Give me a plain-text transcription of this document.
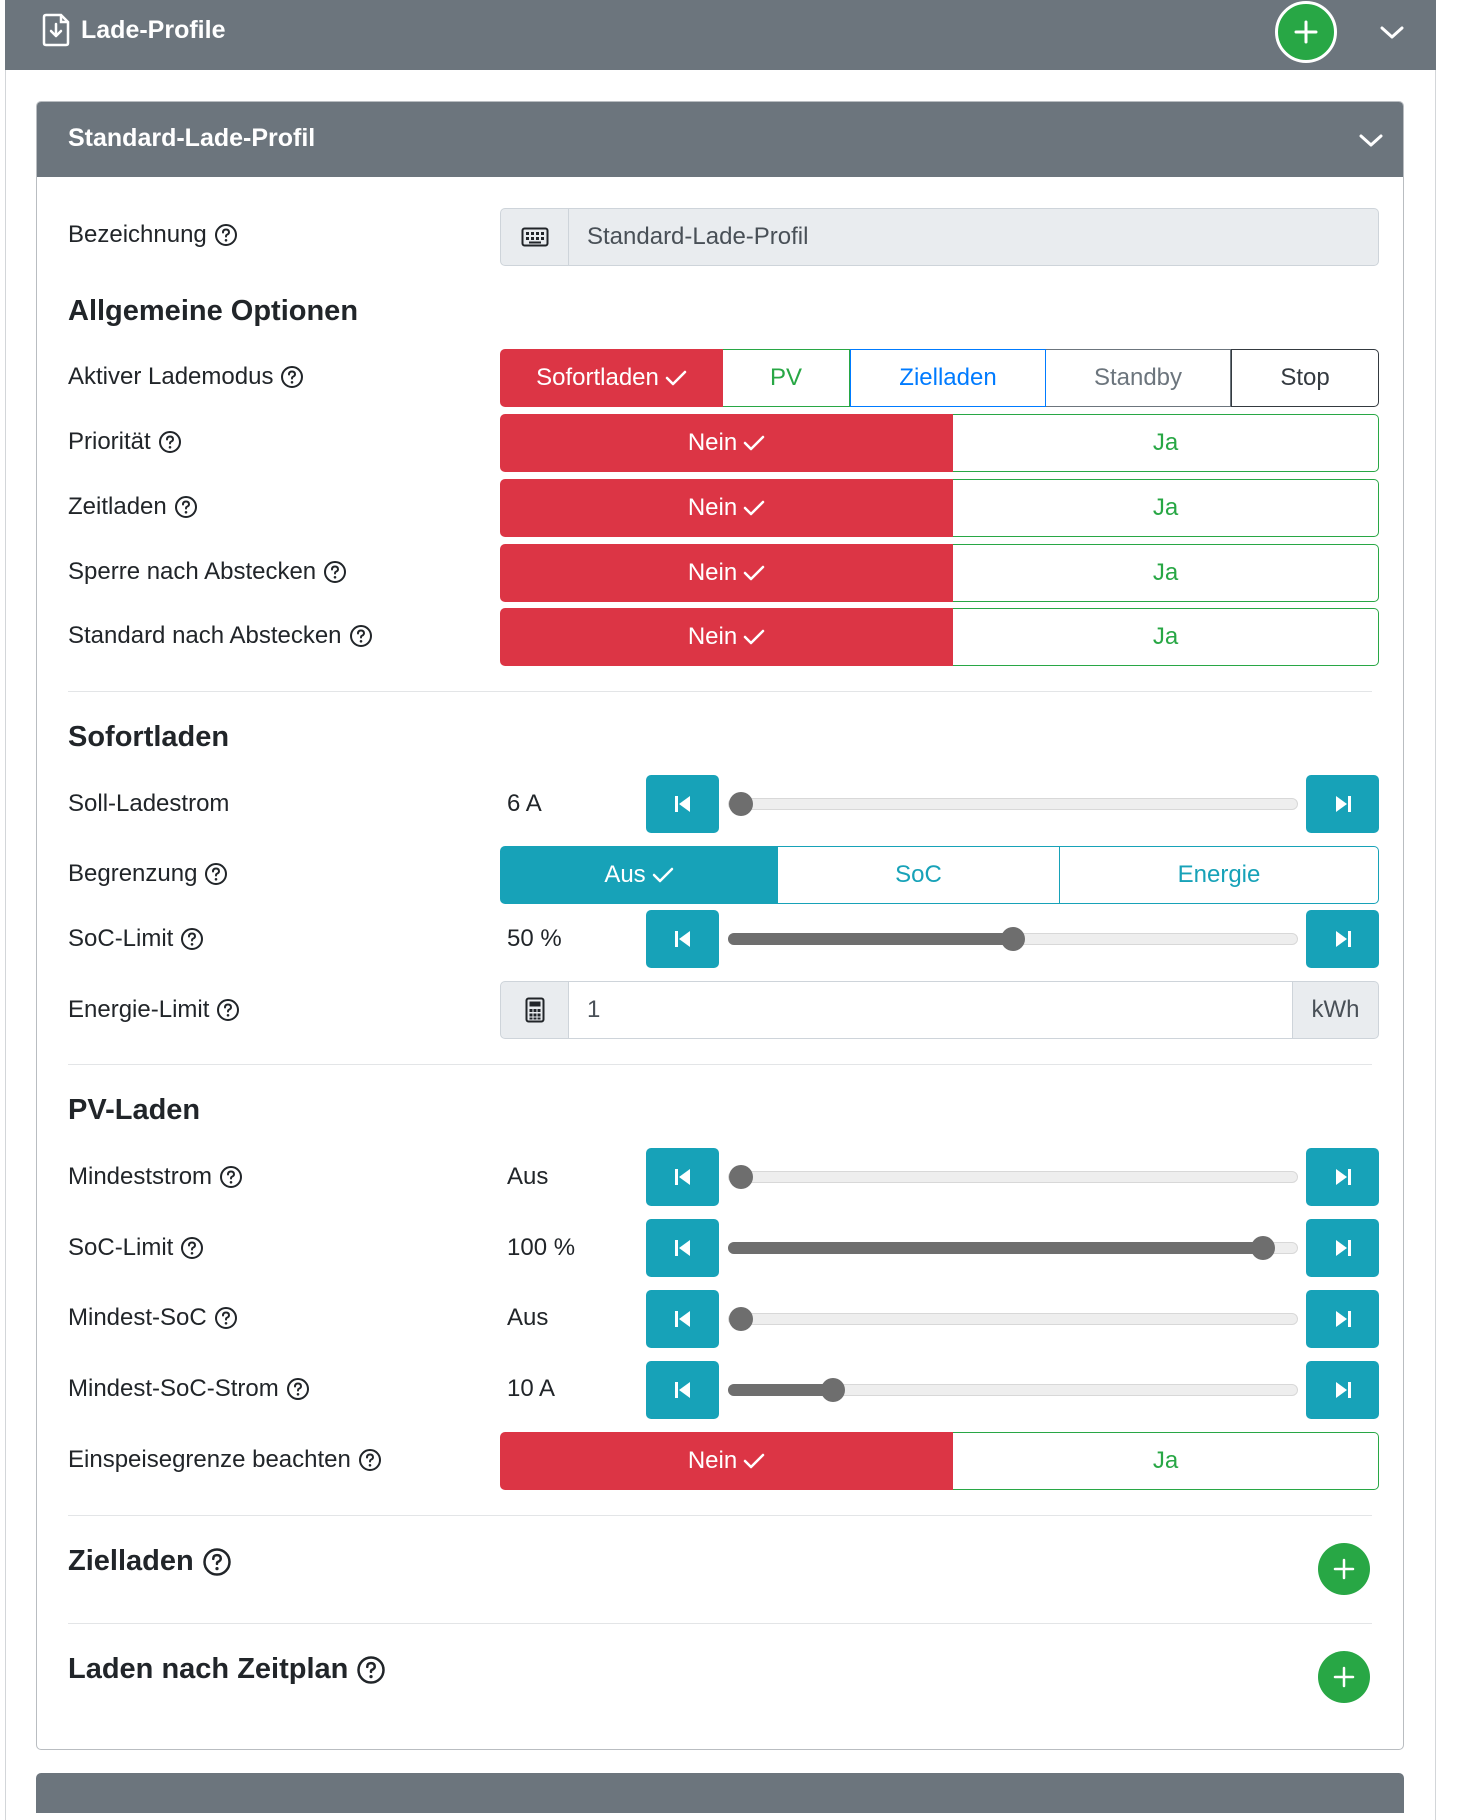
Lade-Profile
Standard-Lade-Profil
Bezeichnung	Standard-Lade-Profil
Allgemeine Optionen
Aktiver Lademodus	Sofortladen	PV	Zielladen	Standby	Stop
Priorität	Nein	Ja
Zeitladen	Nein	Ja
Sperre nach Abstecken	Nein	Ja
Standard nach Abstecken	Nein	Ja
Sofortladen
Soll-Ladestrom	6 A
Begrenzung	Aus	SoC	Energie
SoC-Limit	50 %
Energie-Limit	1	kWh
PV-Laden
Mindeststrom	Aus
SoC-Limit	100 %
Mindest-SoC	Aus
Mindest-SoC-Strom	10 A
Einspeisegrenze beachten	Nein	Ja
Zielladen
Laden nach Zeitplan
